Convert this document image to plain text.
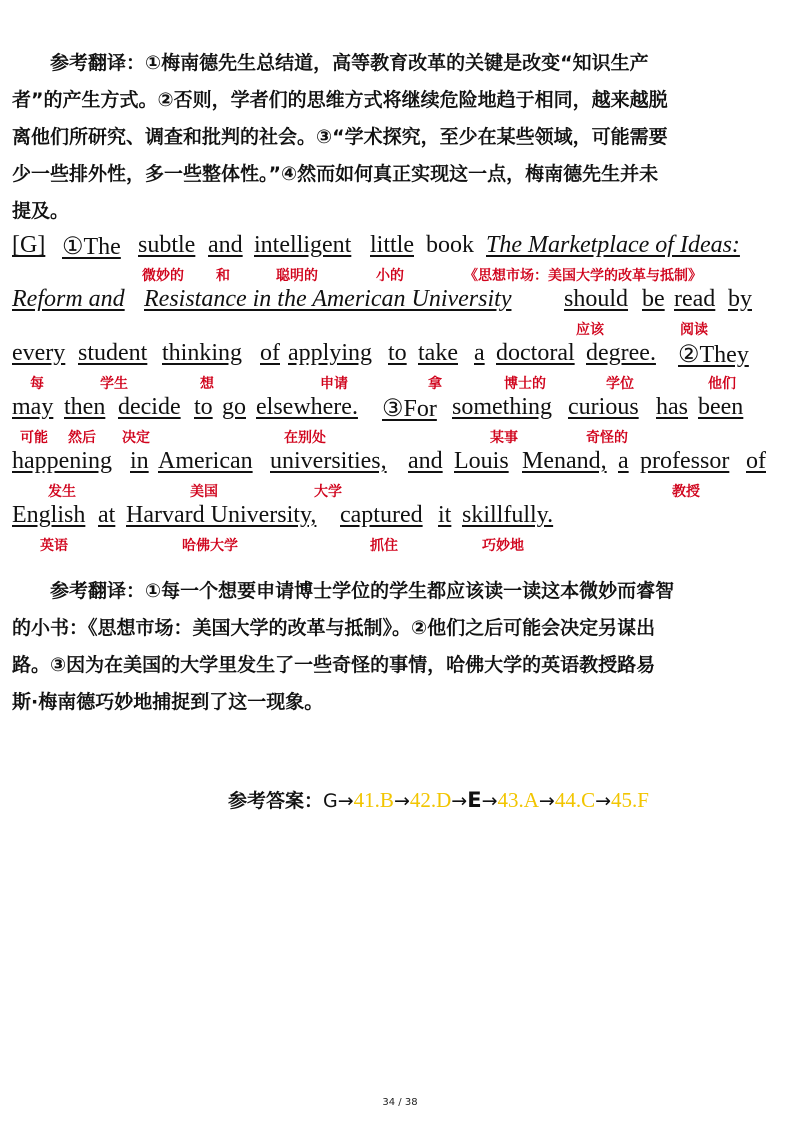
　　参考翻译：①梅南德先生总结道，高等教育改革的关键是改变“知识生产
者”的产生方式。②否则，学者们的思维方式将继续危险地趋于相同，越来越脱
离他们所研究、调查和批判的社会。③“学术探究，至少在某些领域，可能需要
少一些排外性，多一些整体性。”④然而如何真正实现这一点，梅南德先生并未
提及。
[G] ①The subtle and intelligent little book The Marketplace of Ideas:
微妙的 和	聪明的	小的	《思想市场：美国大学的改革与抵制》
Reform and Resistance in the American University should be read by
应该	阅读
every student thinking of applying to take a doctoral degree. ②They
每	学生	想	申请	拿	博士的	学位	他们
may then decide to go elsewhere. ③For something curious has been
可能 然后 决定	在别处	某事	奇怪的
happening in American universities, and Louis Menand, a professor of
发生	美国	大学	教授
English at Harvard University, captured it skillfully.
英语	哈佛大学	抓住	巧妙地
　　参考翻译：①每一个想要申请博士学位的学生都应该读一读这本微妙而睿智
的小书：《思想市场：美国大学的改革与抵制》。②他们之后可能会决定另谋出
路。③因为在美国的大学里发生了一些奇怪的事情，哈佛大学的英语教授路易
斯·梅南德巧妙地捕捉到了这一现象。
参考答案：G→41.B→42.D→E→43.A→44.C→45.F
34 / 38
